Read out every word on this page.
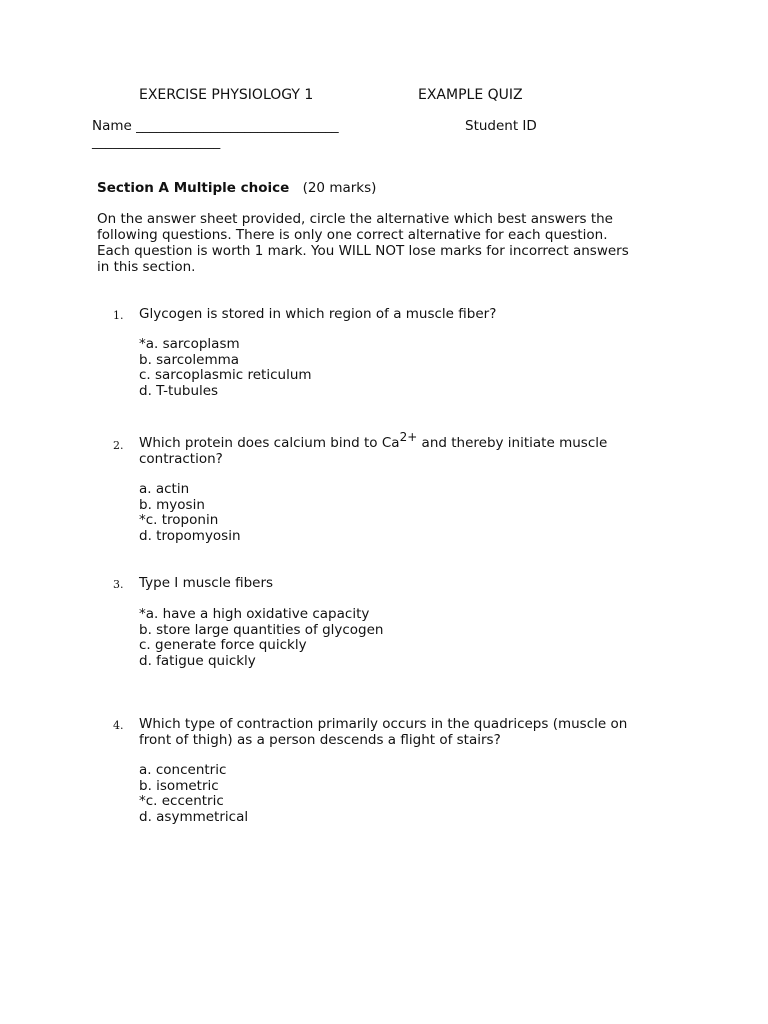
EXERCISE PHYSIOLOGY 1	EXAMPLE QUIZ
Name ______________________________	Student ID
___________________
Section A Multiple choice (20 marks)
On the answer sheet provided, circle the alternative which best answers the
following questions. There is only one correct alternative for each question.
Each question is worth 1 mark. You WILL NOT lose marks for incorrect answers
in this section.
1. Glycogen is stored in which region of a muscle fiber?
*a. sarcoplasm
b. sarcolemma
c. sarcoplasmic reticulum
d. T-tubules
2. Which protein does calcium bind to $Ca^{2+}$ and thereby initiate muscle
contraction?
a. actin
b. myosin
*c. troponin
d. tropomyosin
3. Type I muscle fibers
*a. have a high oxidative capacity
b. store large quantities of glycogen
c. generate force quickly
d. fatigue quickly
4. Which type of contraction primarily occurs in the quadriceps (muscle on
front of thigh) as a person descends a flight of stairs?
a. concentric
b. isometric
*c. eccentric
d. asymmetrical
